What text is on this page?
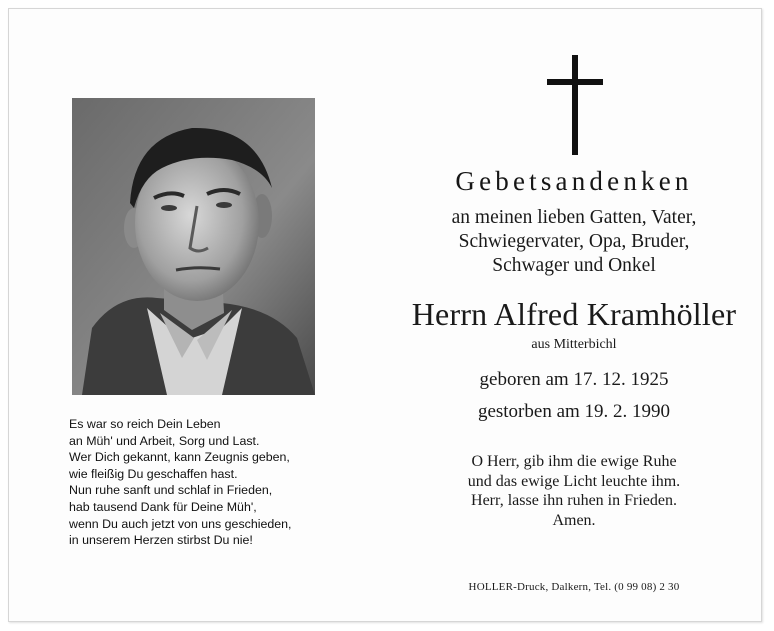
Es war so reich Dein Leben
an Müh' und Arbeit, Sorg und Last.
Wer Dich gekannt, kann Zeugnis geben,
wie fleißig Du geschaffen hast.
Nun ruhe sanft und schlaf in Frieden,
hab tausend Dank für Deine Müh',
wenn Du auch jetzt von uns geschieden,
in unserem Herzen stirbst Du nie!
Gebetsandenken
an meinen lieben Gatten, Vater,
Schwiegervater, Opa, Bruder,
Schwager und Onkel
Herrn Alfred Kramhöller
aus Mitterbichl
geboren am 17. 12. 1925
gestorben am 19. 2. 1990
O Herr, gib ihm die ewige Ruhe
und das ewige Licht leuchte ihm.
Herr, lasse ihn ruhen in Frieden.
Amen.
HOLLER-Druck, Dalkern, Tel. (0 99 08) 2 30
